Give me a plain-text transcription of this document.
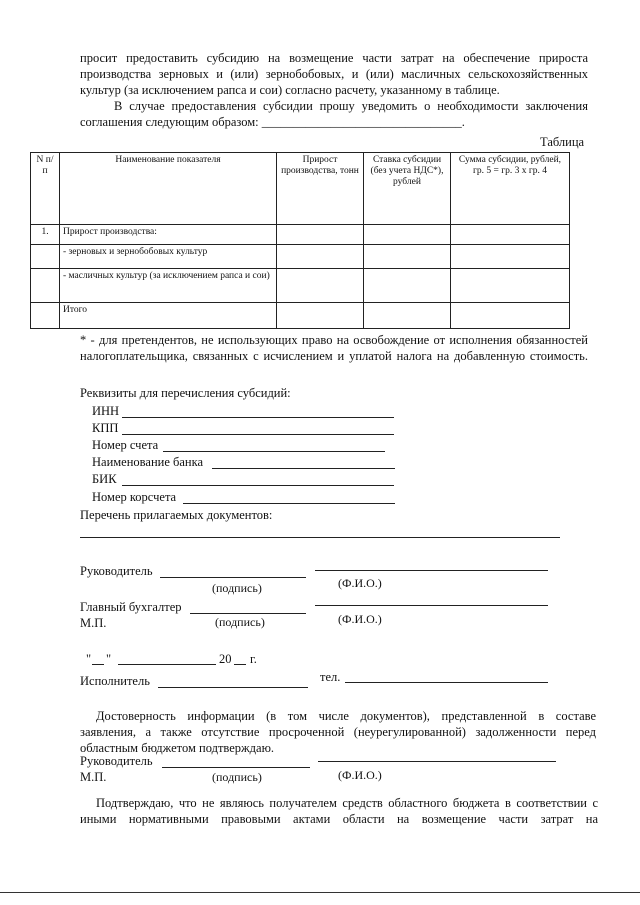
просит предоставить субсидию на возмещение части затрат на обеспечение прироста
производства зерновых и (или) зернобобовых, и (или) масличных сельскохозяйственных
культур (за исключением рапса и сои) согласно расчету, указанному в таблице.
В случае предоставления субсидии прошу уведомить о необходимости заключения
соглашения следующим образом: ________________________________.
Таблица
N п/п	Наименование показателя	Прирост производства, тонн	Ставка субсидии (без учета НДС*), рублей	Сумма субсидии, рублей, гр. 5 = гр. 3 x гр. 4
1.	Прирост производства:			
	- зерновых и зернобобовых культур			
	- масличных культур (за исключением рапса и сои)			
	Итого			
* - для претендентов, не использующих право на освобождение от исполнения обязанностей
налогоплательщика, связанных с исчислением и уплатой налога на добавленную стоимость.
Реквизиты для перечисления субсидий:
ИНН
КПП
Номер счета
Наименование банка
БИК
Номер корсчета
Перечень прилагаемых документов:
Руководитель
(подпись)	(Ф.И.О.)
Главный бухгалтер
М.П.	(подпись)	(Ф.И.О.)
" "	20 г.
Исполнитель	тел.
Достоверность информации (в том числе документов), представленной в составе
заявления, а также отсутствие просроченной (неурегулированной) задолженности перед
областным бюджетом подтверждаю.
Руководитель
М.П.	(подпись)	(Ф.И.О.)
Подтверждаю, что не являюсь получателем средств областного бюджета в соответствии с
иными нормативными правовыми актами области на возмещение части затрат на
